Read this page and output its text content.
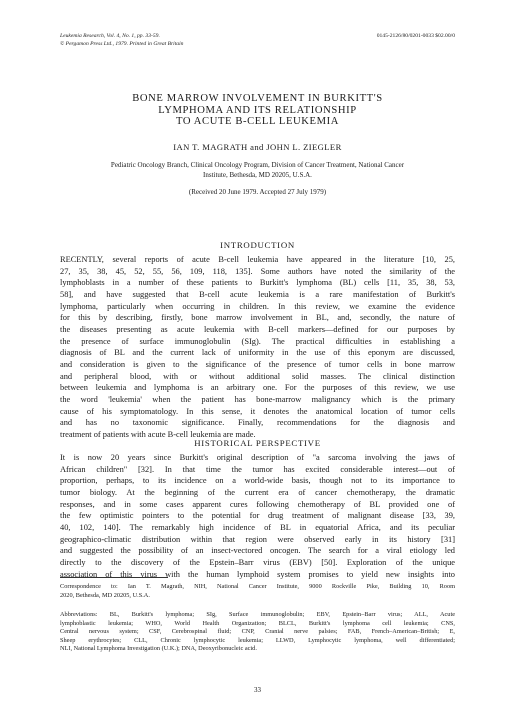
Leukemia Research, Vol. 4, No. 1, pp. 33-59.
© Pergamon Press Ltd., 1979. Printed in Great Britain
0145-2126/80/0201-0033 $02.00/0
BONE MARROW INVOLVEMENT IN BURKITT'S
LYMPHOMA AND ITS RELATIONSHIP
TO ACUTE B-CELL LEUKEMIA
IAN T. MAGRATH and JOHN L. ZIEGLER
Pediatric Oncology Branch, Clinical Oncology Program, Division of Cancer Treatment, National Cancer
Institute, Bethesda, MD 20205, U.S.A.
(Received 20 June 1979. Accepted 27 July 1979)
INTRODUCTION
RECENTLY, several reports of acute B-cell leukemia have appeared in the literature [10, 25,
27, 35, 38, 45, 52, 55, 56, 109, 118, 135]. Some authors have noted the similarity of the
lymphoblasts in a number of these patients to Burkitt's lymphoma (BL) cells [11, 35, 38, 53,
58], and have suggested that B-cell acute leukemia is a rare manifestation of Burkitt's
lymphoma, particularly when occurring in children. In this review, we examine the evidence
for this by describing, firstly, bone marrow involvement in BL, and, secondly, the nature of
the diseases presenting as acute leukemia with B-cell markers—defined for our purposes by
the presence of surface immunoglobulin (SIg). The practical difficulties in establishing a
diagnosis of BL and the current lack of uniformity in the use of this eponym are discussed,
and consideration is given to the significance of the presence of tumor cells in bone marrow
and peripheral blood, with or without additional solid masses. The clinical distinction
between leukemia and lymphoma is an arbitrary one. For the purposes of this review, we use
the word 'leukemia' when the patient has bone-marrow malignancy which is the primary
cause of his symptomatology. In this sense, it denotes the anatomical location of tumor cells
and has no taxonomic significance. Finally, recommendations for the diagnosis and
treatment of patients with acute B-cell leukemia are made.
HISTORICAL PERSPECTIVE
It is now 20 years since Burkitt's original description of "a sarcoma involving the jaws of
African children" [32]. In that time the tumor has excited considerable interest—out of
proportion, perhaps, to its incidence on a world-wide basis, though not to its importance to
tumor biology. At the beginning of the current era of cancer chemotherapy, the dramatic
responses, and in some cases apparent cures following chemotherapy of BL provided one of
the few optimistic pointers to the potential for drug treatment of malignant disease [33, 39,
40, 102, 140]. The remarkably high incidence of BL in equatorial Africa, and its peculiar
geographico-climatic distribution within that region were observed early in its history [31]
and suggested the possibility of an insect-vectored oncogen. The search for a viral etiology led
directly to the discovery of the Epstein–Barr virus (EBV) [50]. Exploration of the unique
association of this virus with the human lymphoid system promises to yield new insights into
Correspondence to: Ian T. Magrath, NIH, National Cancer Institute, 9000 Rockville Pike, Building 10, Room
2020, Bethesda, MD 20205, U.S.A.
Abbreviations: BL, Burkitt's lymphoma; SIg, Surface immunoglobulin; EBV, Epstein–Barr virus; ALL, Acute
lymphoblastic leukemia; WHO, World Health Organization; BLCL, Burkitt's lymphoma cell leukemia; CNS,
Central nervous system; CSF, Cerebrospinal fluid; CNP, Cranial nerve palsies; FAB, French–American–British; E,
Sheep erythrocytes; CLL, Chronic lymphocytic leukemia; LLWD, Lymphocytic lymphoma, well differentiated;
NLI, National Lymphoma Investigation (U.K.); DNA, Deoxyribonucleic acid.
33
